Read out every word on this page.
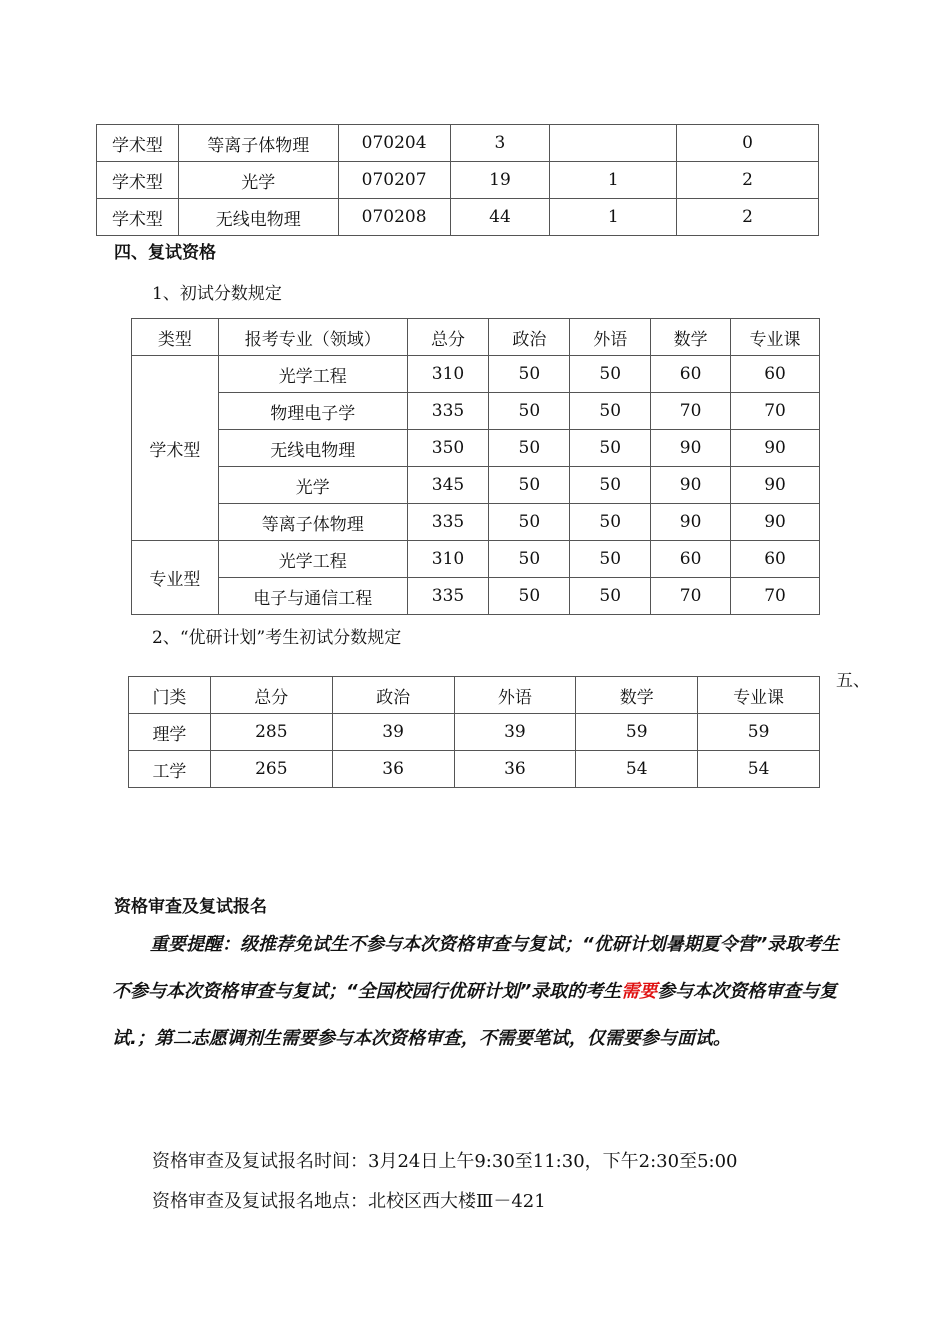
学术型	等离子体物理	070204	3		0
学术型	光学	070207	19	1	2
学术型	无线电物理	070208	44	1	2
四、复试资格
1、初试分数规定
类型	报考专业（领域）	总分	政治	外语	数学	专业课
学术型	光学工程	310	50	50	60	60
	物理电子学	335	50	50	70	70
	无线电物理	350	50	50	90	90
	光学	345	50	50	90	90
	等离子体物理	335	50	50	90	90
专业型	光学工程	310	50	50	60	60
	电子与通信工程	335	50	50	70	70
2、“优研计划”考生初试分数规定
五、
门类	总分	政治	外语	数学	专业课
理学	285	39	39	59	59
工学	265	36	36	54	54
资格审查及复试报名
重要提醒：级推荐免试生不参与本次资格审查与复试；“优研计划暑期夏令营”录取考生不参与本次资格审查与复试；“全国校园行优研计划”录取的考生需要参与本次资格审查与复试.；第二志愿调剂生需要参与本次资格审查，不需要笔试，仅需要参与面试。
资格审查及复试报名时间：3月24日上午9:30至11:30，下午2:30至5:00
资格审查及复试报名地点：北校区西大楼Ⅲ－421
